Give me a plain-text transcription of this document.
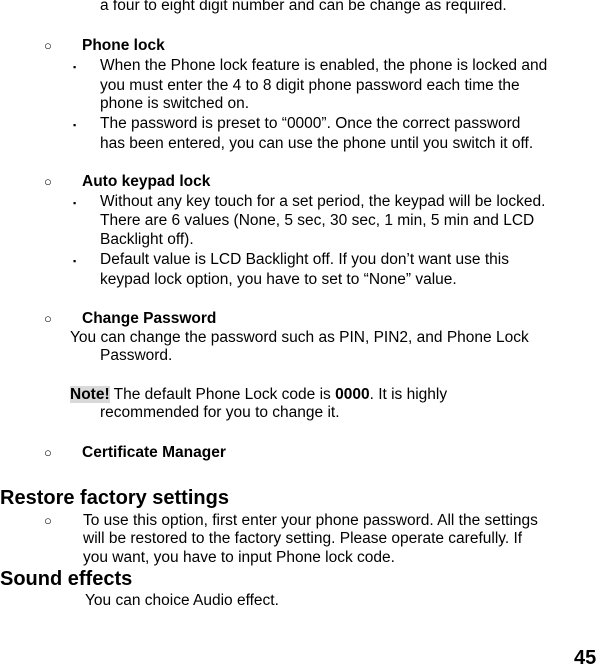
a four to eight digit number and can be change as required.
○ Phone lock
▪ When the Phone lock feature is enabled, the phone is locked and
you must enter the 4 to 8 digit phone password each time the
phone is switched on.
▪ The password is preset to “0000”. Once the correct password
has been entered, you can use the phone until you switch it off.
○ Auto keypad lock
▪ Without any key touch for a set period, the keypad will be locked.
There are 6 values (None, 5 sec, 30 sec, 1 min, 5 min and LCD
Backlight off).
▪ Default value is LCD Backlight off. If you don’t want use this
keypad lock option, you have to set to “None” value.
○ Change Password
You can change the password such as PIN, PIN2, and Phone Lock
Password.
Note! The default Phone Lock code is 0000. It is highly
recommended for you to change it.
○ Certificate Manager
Restore factory settings
○ To use this option, first enter your phone password. All the settings
will be restored to the factory setting. Please operate carefully. If
you want, you have to input Phone lock code.
Sound effects
You can choice Audio effect.
45
